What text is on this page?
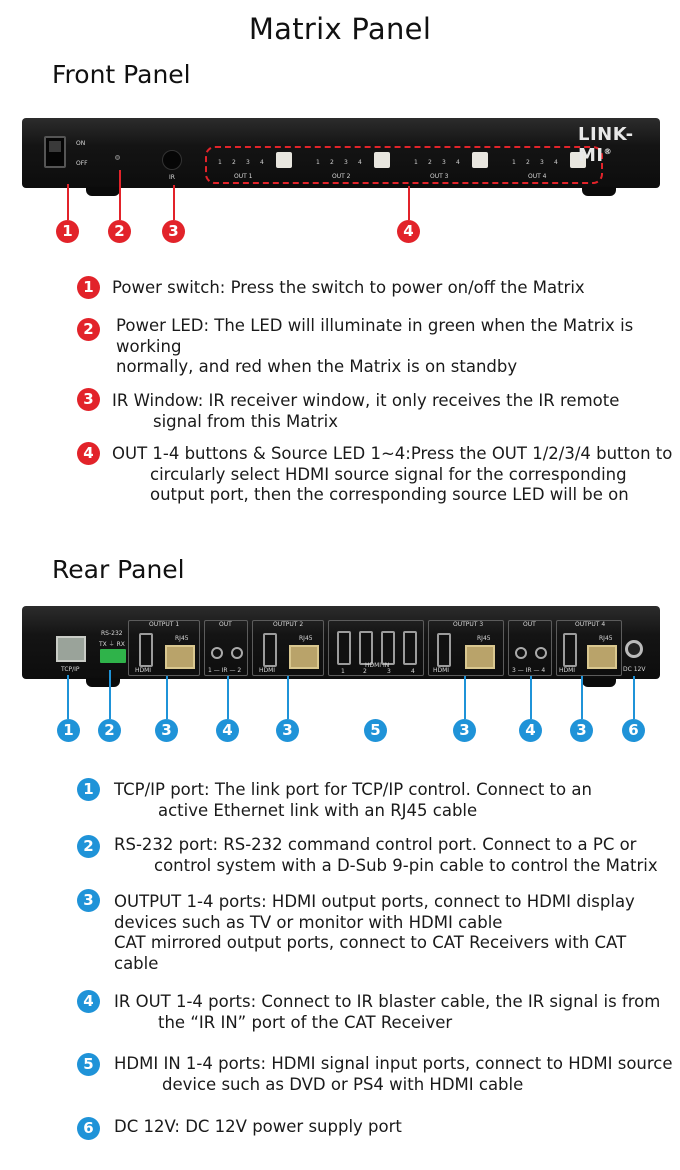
Matrix Panel
Front Panel
ON
OFF
IR
1 2 3 4
OUT 1
1 2 3 4
OUT 2
1 2 3 4
OUT 3
1 2 3 4
OUT 4
LINK-MI®
1	2	3	4
1	Power switch: Press the switch to power on/off the Matrix
2	Power LED: The LED will illuminate in green when the Matrix is
working
normally, and red when the Matrix is on standby
3	IR Window: IR receiver window, it only receives the IR remote
signal from this Matrix
4	OUT 1-4 buttons & Source LED 1~4:Press the OUT 1/2/3/4 button to
circularly select HDMI source signal for the corresponding
output port, then the corresponding source LED will be on
Rear Panel
TCP/IP
RS-232
TX ⏚ RX
OUTPUT 1
HDMI
RJ45
OUT
1 — IR — 2
OUTPUT 2
HDMI
RJ45
1	2
HDMI IN
3	4
OUTPUT 3
HDMI
RJ45
OUT
3 — IR — 4
OUTPUT 4
HDMI
RJ45
DC 12V
1	2	3	4	3	5	3	4	3	6
1	TCP/IP port: The link port for TCP/IP control. Connect to an
active Ethernet link with an RJ45 cable
2	RS-232 port: RS-232 command control port. Connect to a PC or
control system with a D-Sub 9-pin cable to control the Matrix
3	OUTPUT 1-4 ports: HDMI output ports, connect to HDMI display
devices such as TV or monitor with HDMI cable
CAT mirrored output ports, connect to CAT Receivers with CAT
cable
4	IR OUT 1-4 ports: Connect to IR blaster cable, the IR signal is from
the “IR IN” port of the CAT Receiver
5	HDMI IN 1-4 ports: HDMI signal input ports, connect to HDMI source
device such as DVD or PS4 with HDMI cable
6	DC 12V: DC 12V power supply port
